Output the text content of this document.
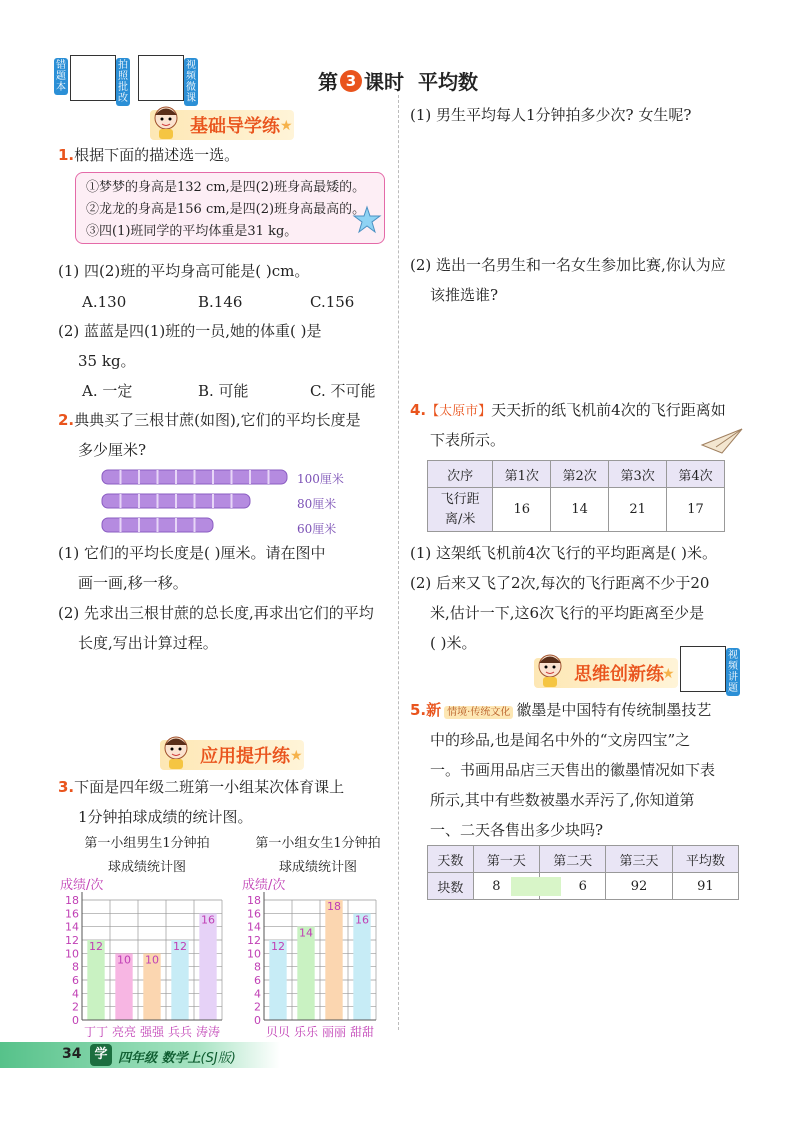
错题本
拍照批改
视频微课
第 3 课时 平均数
基础导学练 ★
1.根据下面的描述选一选。
①梦梦的身高是132 cm,是四(2)班身高最矮的。
②龙龙的身高是156 cm,是四(2)班身高最高的。
③四(1)班同学的平均体重是31 kg。
(1) 四(2)班的平均身高可能是( )cm。
A.130	B.146	C.156
(2) 蓝蓝是四(1)班的一员,她的体重( )是
35 kg。
A. 一定	B. 可能	C. 不可能
2.典典买了三根甘蔗(如图),它们的平均长度是
多少厘米?
100厘米
80厘米
60厘米
(1) 它们的平均长度是( )厘米。请在图中
画一画,移一移。
(2) 先求出三根甘蔗的总长度,再求出它们的平均
长度,写出计算过程。
应用提升练 ★
3.下面是四年级二班第一小组某次体育课上
1分钟拍球成绩的统计图。
第一小组男生1分钟拍
球成绩统计图
第一小组女生1分钟拍
球成绩统计图
成绩/次
0
2
4
6
8
10
12
14
16
18
12
丁丁
10
亮亮
10
强强
12
兵兵
16
涛涛
成绩/次
0
2
4
6
8
10
12
14
16
18
12
贝贝
14
乐乐
18
丽丽
16
甜甜
(1) 男生平均每人1分钟拍多少次? 女生呢?
(2) 选出一名男生和一名女生参加比赛,你认为应
该推选谁?
4.【太原市】天天折的纸飞机前4次的飞行距离如
下表所示。
次序	第1次	第2次	第3次	第4次

飞行距
离/米	16	14	21	17
(1) 这架纸飞机前4次飞行的平均距离是( )米。
(2) 后来又飞了2次,每次的飞行距离不少于20
米,估计一下,这6次飞行的平均距离至少是
( )米。
思维创新练
★
视频讲题
5.新 情境·传统文化 徽墨是中国特有传统制墨技艺
中的珍品,也是闻名中外的“文房四宝”之
一。书画用品店三天售出的徽墨情况如下表
所示,其中有些数被墨水弄污了,你知道第
一、二天各售出多少块吗?
天数	第一天	第二天	第三天	平均数
块数	8	6	92	91
34	学 四年级 数学上(SJ版)
